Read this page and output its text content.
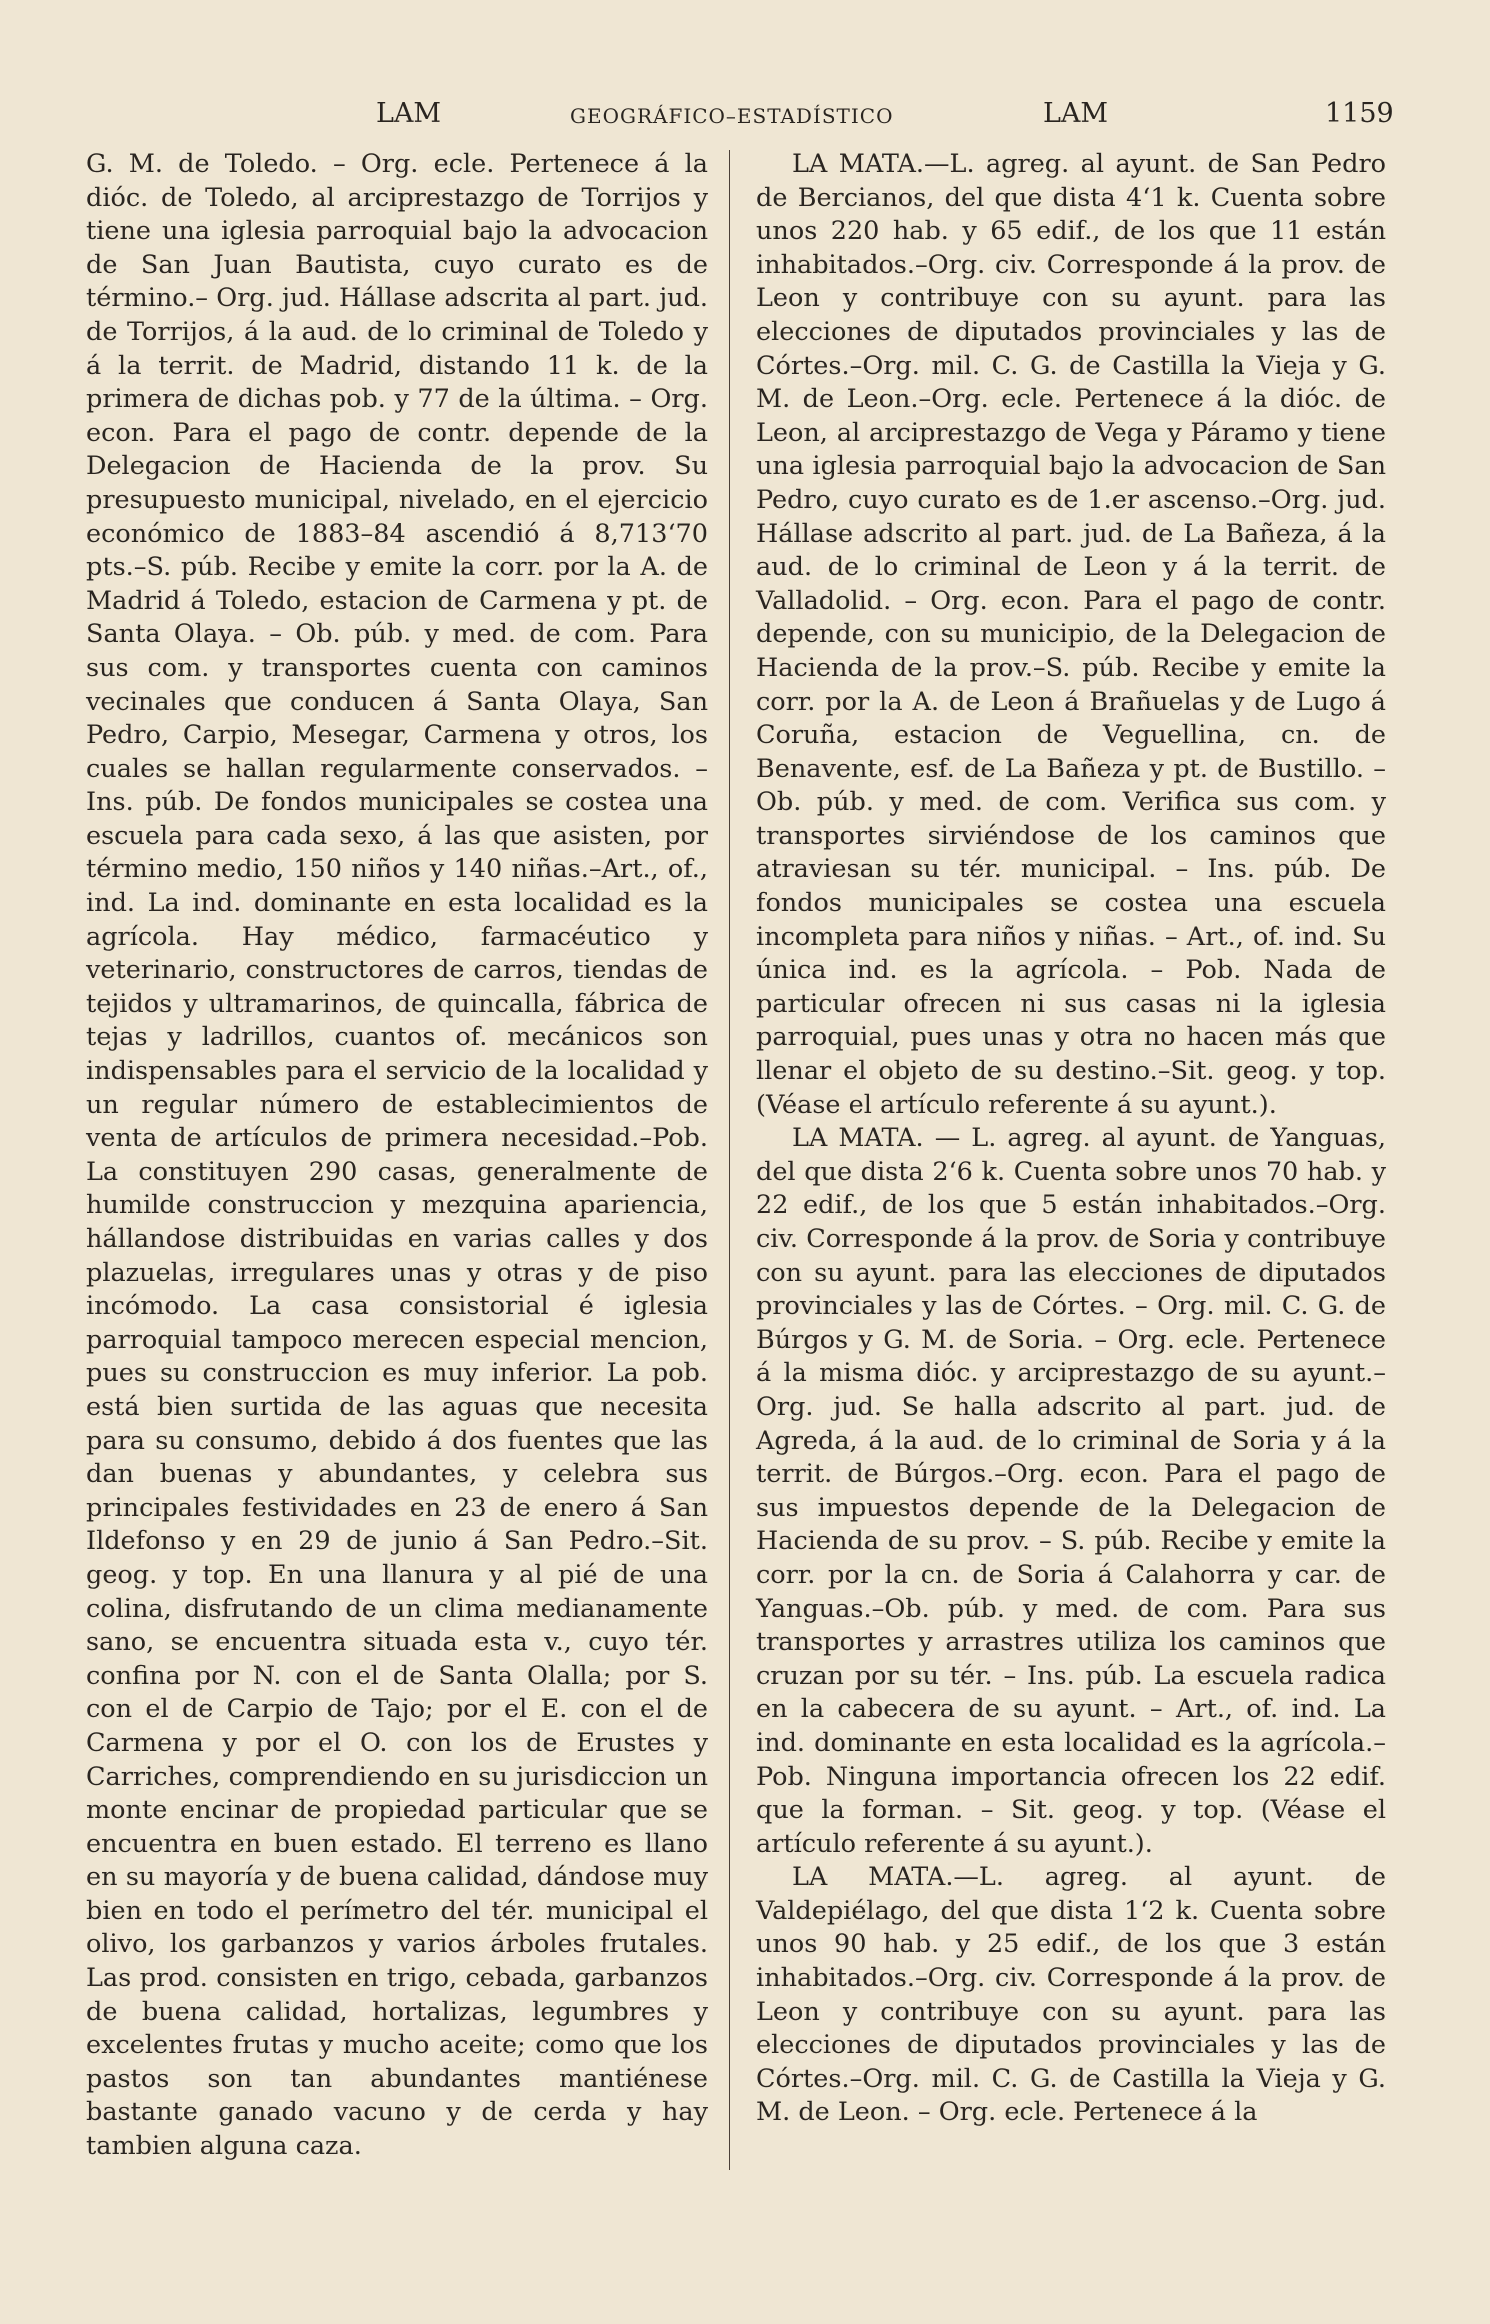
LAM	GEOGRÁFICO–ESTADÍSTICO	LAM	1159

G. M. de Toledo. – Org. ecle. Pertenece á la dióc. de Toledo, al arciprestazgo de Torrijos y tiene una iglesia parroquial bajo la advocacion de San Juan Bautista, cuyo curato es de término.– Org. jud. Hállase adscrita al part. jud. de Torrijos, á la aud. de lo criminal de Toledo y á la territ. de Madrid, distando 11 k. de la primera de dichas pob. y 77 de la última. – Org. econ. Para el pago de contr. depende de la Delegacion de Hacienda de la prov. Su presupuesto municipal, nivelado, en el ejercicio económico de 1883–84 ascendió á 8,713‘70 pts.–S. púb. Recibe y emite la corr. por la A. de Madrid á Toledo, estacion de Carmena y pt. de Santa Olaya. – Ob. púb. y med. de com. Para sus com. y transportes cuenta con caminos vecinales que conducen á Santa Olaya, San Pedro, Carpio, Mesegar, Carmena y otros, los cuales se hallan regularmente conservados. – Ins. púb. De fondos municipales se costea una escuela para cada sexo, á las que asisten, por término medio, 150 niños y 140 niñas.–Art., of., ind. La ind. dominante en esta localidad es la agrícola. Hay médico, farmacéutico y veterinario, constructores de carros, tiendas de tejidos y ultramarinos, de quincalla, fábrica de tejas y ladrillos, cuantos of. mecánicos son indispensables para el servicio de la localidad y un regular número de establecimientos de venta de artículos de primera necesidad.–Pob. La constituyen 290 casas, generalmente de humilde construccion y mezquina apariencia, hállandose distribuidas en varias calles y dos plazuelas, irregulares unas y otras y de piso incómodo. La casa consistorial é iglesia parroquial tampoco merecen especial mencion, pues su construccion es muy inferior. La pob. está bien surtida de las aguas que necesita para su consumo, debido á dos fuentes que las dan buenas y abundantes, y celebra sus principales festividades en 23 de enero á San Ildefonso y en 29 de junio á San Pedro.–Sit. geog. y top. En una llanura y al pié de una colina, disfrutando de un clima medianamente sano, se encuentra situada esta v., cuyo tér. confina por N. con el de Santa Olalla; por S. con el de Carpio de Tajo; por el E. con el de Carmena y por el O. con los de Erustes y Carriches, comprendiendo en su jurisdiccion un monte encinar de propiedad particular que se encuentra en buen estado. El terreno es llano en su mayoría y de buena calidad, dándose muy bien en todo el perímetro del tér. municipal el olivo, los garbanzos y varios árboles frutales. Las prod. consisten en trigo, cebada, garbanzos de buena calidad, hortalizas, legumbres y excelentes frutas y mucho aceite; como que los pastos son tan abundantes mantiénese bastante ganado vacuno y de cerda y hay tambien alguna caza.

LA MATA.—L. agreg. al ayunt. de San Pedro de Bercianos, del que dista 4‘1 k. Cuenta sobre unos 220 hab. y 65 edif., de los que 11 están inhabitados.–Org. civ. Corresponde á la prov. de Leon y contribuye con su ayunt. para las elecciones de diputados provinciales y las de Córtes.–Org. mil. C. G. de Castilla la Vieja y G. M. de Leon.–Org. ecle. Pertenece á la dióc. de Leon, al arciprestazgo de Vega y Páramo y tiene una iglesia parroquial bajo la advocacion de San Pedro, cuyo curato es de 1.er ascenso.–Org. jud. Hállase adscrito al part. jud. de La Bañeza, á la aud. de lo criminal de Leon y á la territ. de Valladolid. – Org. econ. Para el pago de contr. depende, con su municipio, de la Delegacion de Hacienda de la prov.–S. púb. Recibe y emite la corr. por la A. de Leon á Brañuelas y de Lugo á Coruña, estacion de Veguellina, cn. de Benavente, esf. de La Bañeza y pt. de Bustillo. –Ob. púb. y med. de com. Verifica sus com. y transportes sirviéndose de los caminos que atraviesan su tér. municipal. – Ins. púb. De fondos municipales se costea una escuela incompleta para niños y niñas. – Art., of. ind. Su única ind. es la agrícola. – Pob. Nada de particular ofrecen ni sus casas ni la iglesia parroquial, pues unas y otra no hacen más que llenar el objeto de su destino.–Sit. geog. y top. (Véase el artículo referente á su ayunt.).

LA MATA. — L. agreg. al ayunt. de Yanguas, del que dista 2‘6 k. Cuenta sobre unos 70 hab. y 22 edif., de los que 5 están inhabitados.–Org. civ. Corresponde á la prov. de Soria y contribuye con su ayunt. para las elecciones de diputados provinciales y las de Córtes. – Org. mil. C. G. de Búrgos y G. M. de Soria. – Org. ecle. Pertenece á la misma dióc. y arciprestazgo de su ayunt.–Org. jud. Se halla adscrito al part. jud. de Agreda, á la aud. de lo criminal de Soria y á la territ. de Búrgos.–Org. econ. Para el pago de sus impuestos depende de la Delegacion de Hacienda de su prov. – S. púb. Recibe y emite la corr. por la cn. de Soria á Calahorra y car. de Yanguas.–Ob. púb. y med. de com. Para sus transportes y arrastres utiliza los caminos que cruzan por su tér. – Ins. púb. La escuela radica en la cabecera de su ayunt. – Art., of. ind. La ind. dominante en esta localidad es la agrícola.–Pob. Ninguna importancia ofrecen los 22 edif. que la forman. – Sit. geog. y top. (Véase el artículo referente á su ayunt.).

LA MATA.—L. agreg. al ayunt. de Valdepiélago, del que dista 1‘2 k. Cuenta sobre unos 90 hab. y 25 edif., de los que 3 están inhabitados.–Org. civ. Corresponde á la prov. de Leon y contribuye con su ayunt. para las elecciones de diputados provinciales y las de Córtes.–Org. mil. C. G. de Castilla la Vieja y G. M. de Leon. – Org. ecle. Pertenece á la
